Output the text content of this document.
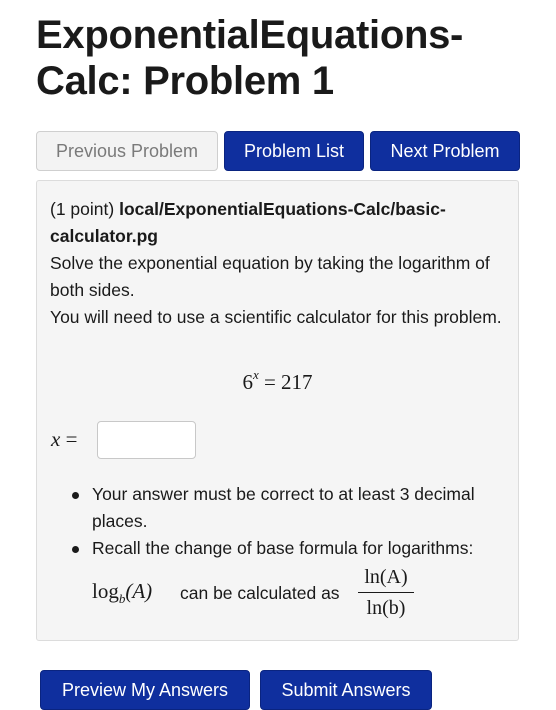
ExponentialEquations-
Calc: Problem 1
Previous Problem	Problem List	Next Problem

(1 point) local/ExponentialEquations-Calc/basic-calculator.pg

Solve the exponential equation by taking the logarithm of both sides.

You will need to use a scientific calculator for this problem.

$6^x = 217$
x =
Your answer must be correct to at least 3 decimal places.
Recall the change of base formula for logarithms:
$\log_b(A)$ can be calculated as
ln(A)
ln(b)
Preview My Answers	Submit Answers
